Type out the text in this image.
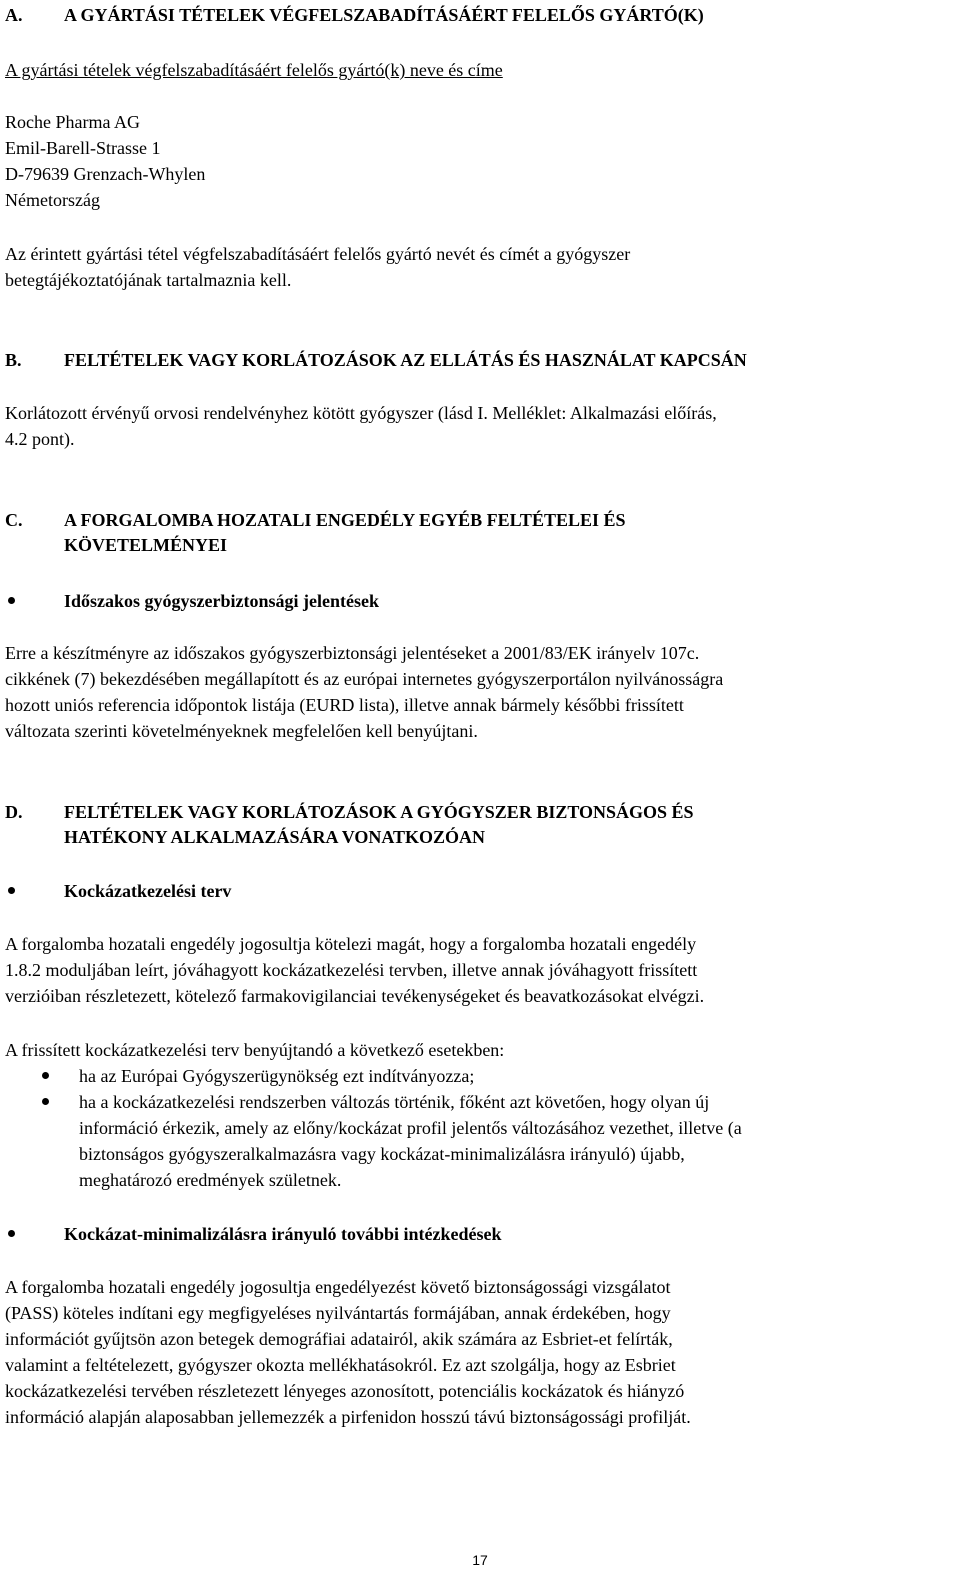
A. A GYÁRTÁSI TÉTELEK VÉGFELSZABADÍTÁSÁÉRT FELELŐS GYÁRTÓ(K)
A gyártási tételek végfelszabadításáért felelős gyártó(k) neve és címe
Roche Pharma AG
Emil-Barell-Strasse 1
D-79639 Grenzach-Whylen
Németország
Az érintett gyártási tétel végfelszabadításáért felelős gyártó nevét és címét a gyógyszer
betegtájékoztatójának tartalmaznia kell.
B. FELTÉTELEK VAGY KORLÁTOZÁSOK AZ ELLÁTÁS ÉS HASZNÁLAT KAPCSÁN
Korlátozott érvényű orvosi rendelvényhez kötött gyógyszer (lásd I. Melléklet: Alkalmazási előírás,
4.2 pont).
C. A FORGALOMBA HOZATALI ENGEDÉLY EGYÉB FELTÉTELEI ÉS
KÖVETELMÉNYEI
Időszakos gyógyszerbiztonsági jelentések
Erre a készítményre az időszakos gyógyszerbiztonsági jelentéseket a 2001/83/EK irányelv 107c.
cikkének (7) bekezdésében megállapított és az európai internetes gyógyszerportálon nyilvánosságra
hozott uniós referencia időpontok listája (EURD lista), illetve annak bármely későbbi frissített
változata szerinti követelményeknek megfelelően kell benyújtani.
D. FELTÉTELEK VAGY KORLÁTOZÁSOK A GYÓGYSZER BIZTONSÁGOS ÉS
HATÉKONY ALKALMAZÁSÁRA VONATKOZÓAN
Kockázatkezelési terv
A forgalomba hozatali engedély jogosultja kötelezi magát, hogy a forgalomba hozatali engedély
1.8.2 moduljában leírt, jóváhagyott kockázatkezelési tervben, illetve annak jóváhagyott frissített
verzióiban részletezett, kötelező farmakovigilanciai tevékenységeket és beavatkozásokat elvégzi.
A frissített kockázatkezelési terv benyújtandó a következő esetekben:
ha az Európai Gyógyszerügynökség ezt indítványozza;
ha a kockázatkezelési rendszerben változás történik, főként azt követően, hogy olyan új
információ érkezik, amely az előny/kockázat profil jelentős változásához vezethet, illetve (a
biztonságos gyógyszeralkalmazásra vagy kockázat-minimalizálásra irányuló) újabb,
meghatározó eredmények születnek.
Kockázat-minimalizálásra irányuló további intézkedések
A forgalomba hozatali engedély jogosultja engedélyezést követő biztonságossági vizsgálatot
(PASS) köteles indítani egy megfigyeléses nyilvántartás formájában, annak érdekében, hogy
információt gyűjtsön azon betegek demográfiai adatairól, akik számára az Esbriet-et felírták,
valamint a feltételezett, gyógyszer okozta mellékhatásokról. Ez azt szolgálja, hogy az Esbriet
kockázatkezelési tervében részletezett lényeges azonosított, potenciális kockázatok és hiányzó
információ alapján alaposabban jellemezzék a pirfenidon hosszú távú biztonságossági profilját.
17
